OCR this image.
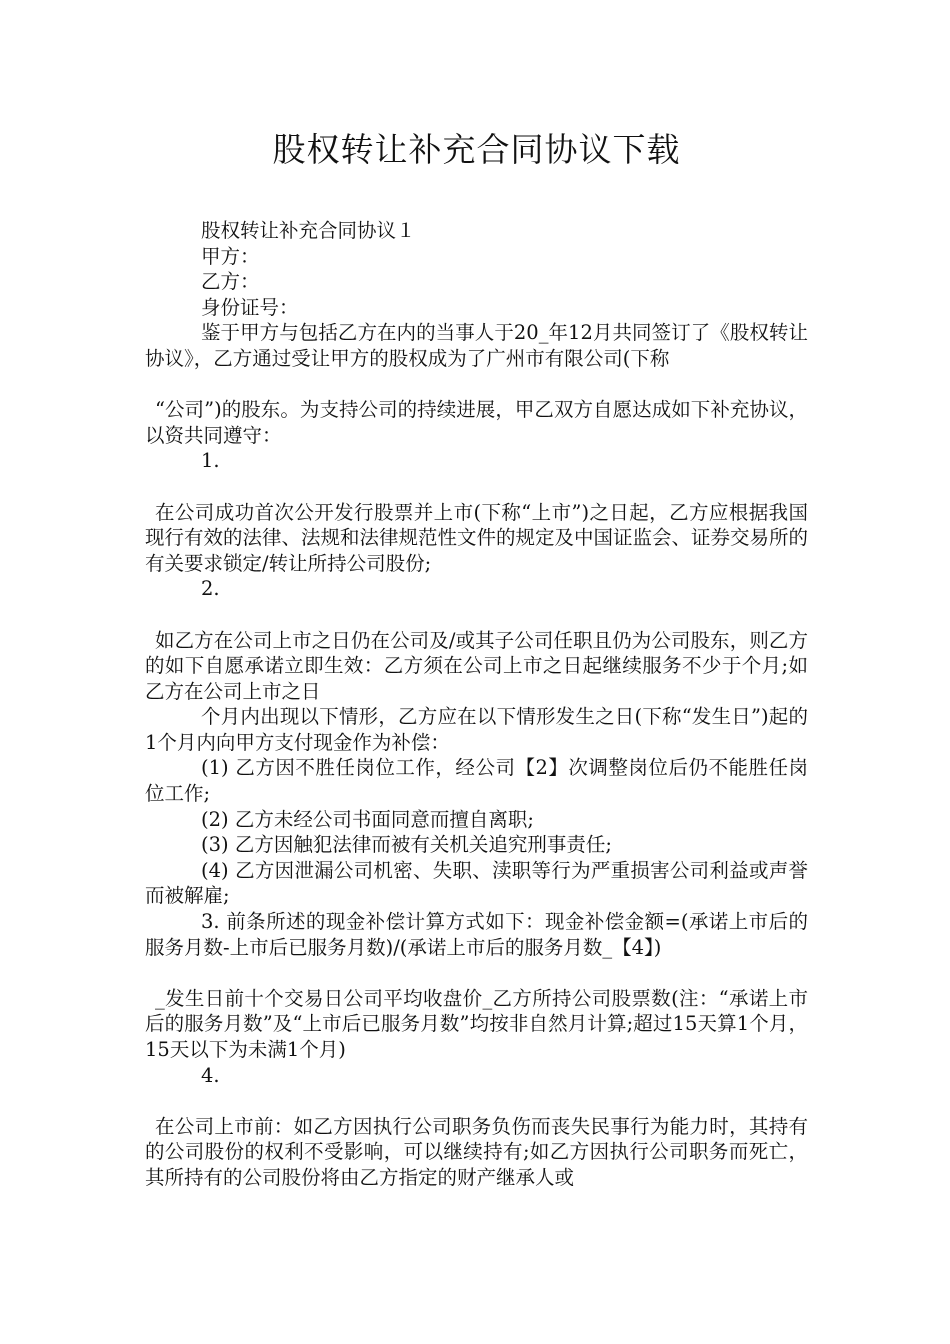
股权转让补充合同协议下载

股权转让补充合同协议１

甲方：

乙方：

身份证号：

鉴于甲方与包括乙方在内的当事人于20_年12月共同签订了《股权转让协议》，乙方通过受让甲方的股权成为了广州市有限公司(下称

“公司”)的股东。为支持公司的持续进展，甲乙双方自愿达成如下补充协议，以资共同遵守：

1.

在公司成功首次公开发行股票并上市(下称“上市”)之日起，乙方应根据我国现行有效的法律、法规和法律规范性文件的规定及中国证监会、证券交易所的有关要求锁定/转让所持公司股份;

2.

如乙方在公司上市之日仍在公司及/或其子公司任职且仍为公司股东，则乙方的如下自愿承诺立即生效：乙方须在公司上市之日起继续服务不少于个月;如乙方在公司上市之日

个月内出现以下情形，乙方应在以下情形发生之日(下称“发生日”)起的1个月内向甲方支付现金作为补偿：

(1) 乙方因不胜任岗位工作，经公司【2】次调整岗位后仍不能胜任岗位工作;

(2) 乙方未经公司书面同意而擅自离职;

(3) 乙方因触犯法律而被有关机关追究刑事责任;

(4) 乙方因泄漏公司机密、失职、渎职等行为严重损害公司利益或声誉而被解雇;

3. 前条所述的现金补偿计算方式如下：现金补偿金额=(承诺上市后的服务月数-上市后已服务月数)/(承诺上市后的服务月数_【4】)

_发生日前十个交易日公司平均收盘价_乙方所持公司股票数(注：“承诺上市后的服务月数”及“上市后已服务月数”均按非自然月计算;超过15天算1个月，15天以下为未满1个月)

4.

在公司上市前：如乙方因执行公司职务负伤而丧失民事行为能力时，其持有的公司股份的权利不受影响，可以继续持有;如乙方因执行公司职务而死亡，其所持有的公司股份将由乙方指定的财产继承人或
